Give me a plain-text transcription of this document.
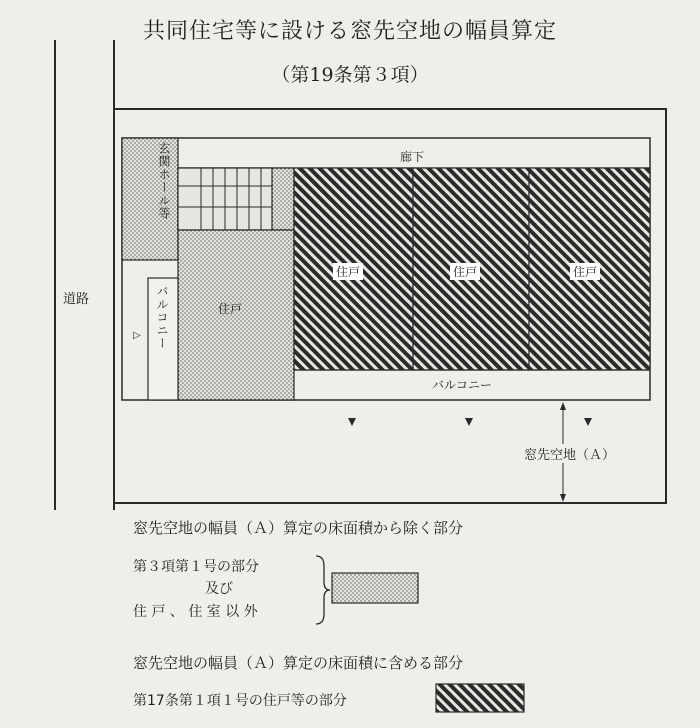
共同住宅等に設ける窓先空地の幅員算定
（第19条第３項）
道路
玄関ホール等	廊下
住戸
住戸	住戸	住戸
バルコニー
▷
バルコニー
窓先空地（Ａ）
窓先空地の幅員（Ａ）算定の床面積から除く部分
第３項第１号の部分
及び
住 戸 、 住 室 以 外
窓先空地の幅員（Ａ）算定の床面積に含める部分
第17条第１項１号の住戸等の部分
